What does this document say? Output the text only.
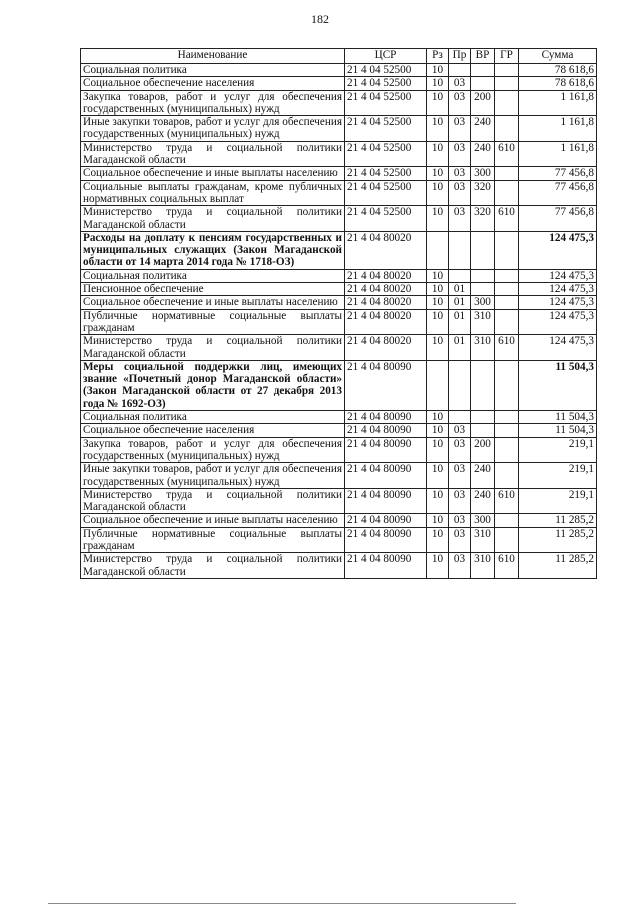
182
Наименование	ЦСР	Рз	Пр	ВР	ГР	Сумма
Социальная политика	21 4 04 52500	10				78 618,6
Социальное обеспечение населения	21 4 04 52500	10	03			78 618,6
Закупка товаров, работ и услуг для обеспечения государственных (муниципальных) нужд	21 4 04 52500	10	03	200		1 161,8
Иные закупки товаров, работ и услуг для обеспечения государственных (муниципальных) нужд	21 4 04 52500	10	03	240		1 161,8
Министерство труда и социальной политики Магаданской области	21 4 04 52500	10	03	240	610	1 161,8
Социальное обеспечение и иные выплаты населению	21 4 04 52500	10	03	300		77 456,8
Социальные выплаты гражданам, кроме публичных нормативных социальных выплат	21 4 04 52500	10	03	320		77 456,8
Министерство труда и социальной политики Магаданской области	21 4 04 52500	10	03	320	610	77 456,8
Расходы на доплату к пенсиям государственных и муниципальных служащих (Закон Магаданской области от 14 марта 2014 года № 1718-ОЗ)	21 4 04 80020					124 475,3
Социальная политика	21 4 04 80020	10				124 475,3
Пенсионное обеспечение	21 4 04 80020	10	01			124 475,3
Социальное обеспечение и иные выплаты населению	21 4 04 80020	10	01	300		124 475,3
Публичные нормативные социальные выплаты гражданам	21 4 04 80020	10	01	310		124 475,3
Министерство труда и социальной политики Магаданской области	21 4 04 80020	10	01	310	610	124 475,3
Меры социальной поддержки лиц, имеющих звание «Почетный донор Магаданской области» (Закон Магаданской области от 27 декабря 2013 года № 1692-ОЗ)	21 4 04 80090					11 504,3
Социальная политика	21 4 04 80090	10				11 504,3
Социальное обеспечение населения	21 4 04 80090	10	03			11 504,3
Закупка товаров, работ и услуг для обеспечения государственных (муниципальных) нужд	21 4 04 80090	10	03	200		219,1
Иные закупки товаров, работ и услуг для обеспечения государственных (муниципальных) нужд	21 4 04 80090	10	03	240		219,1
Министерство труда и социальной политики Магаданской области	21 4 04 80090	10	03	240	610	219,1
Социальное обеспечение и иные выплаты населению	21 4 04 80090	10	03	300		11 285,2
Публичные нормативные социальные выплаты гражданам	21 4 04 80090	10	03	310		11 285,2
Министерство труда и социальной политики Магаданской области	21 4 04 80090	10	03	310	610	11 285,2
